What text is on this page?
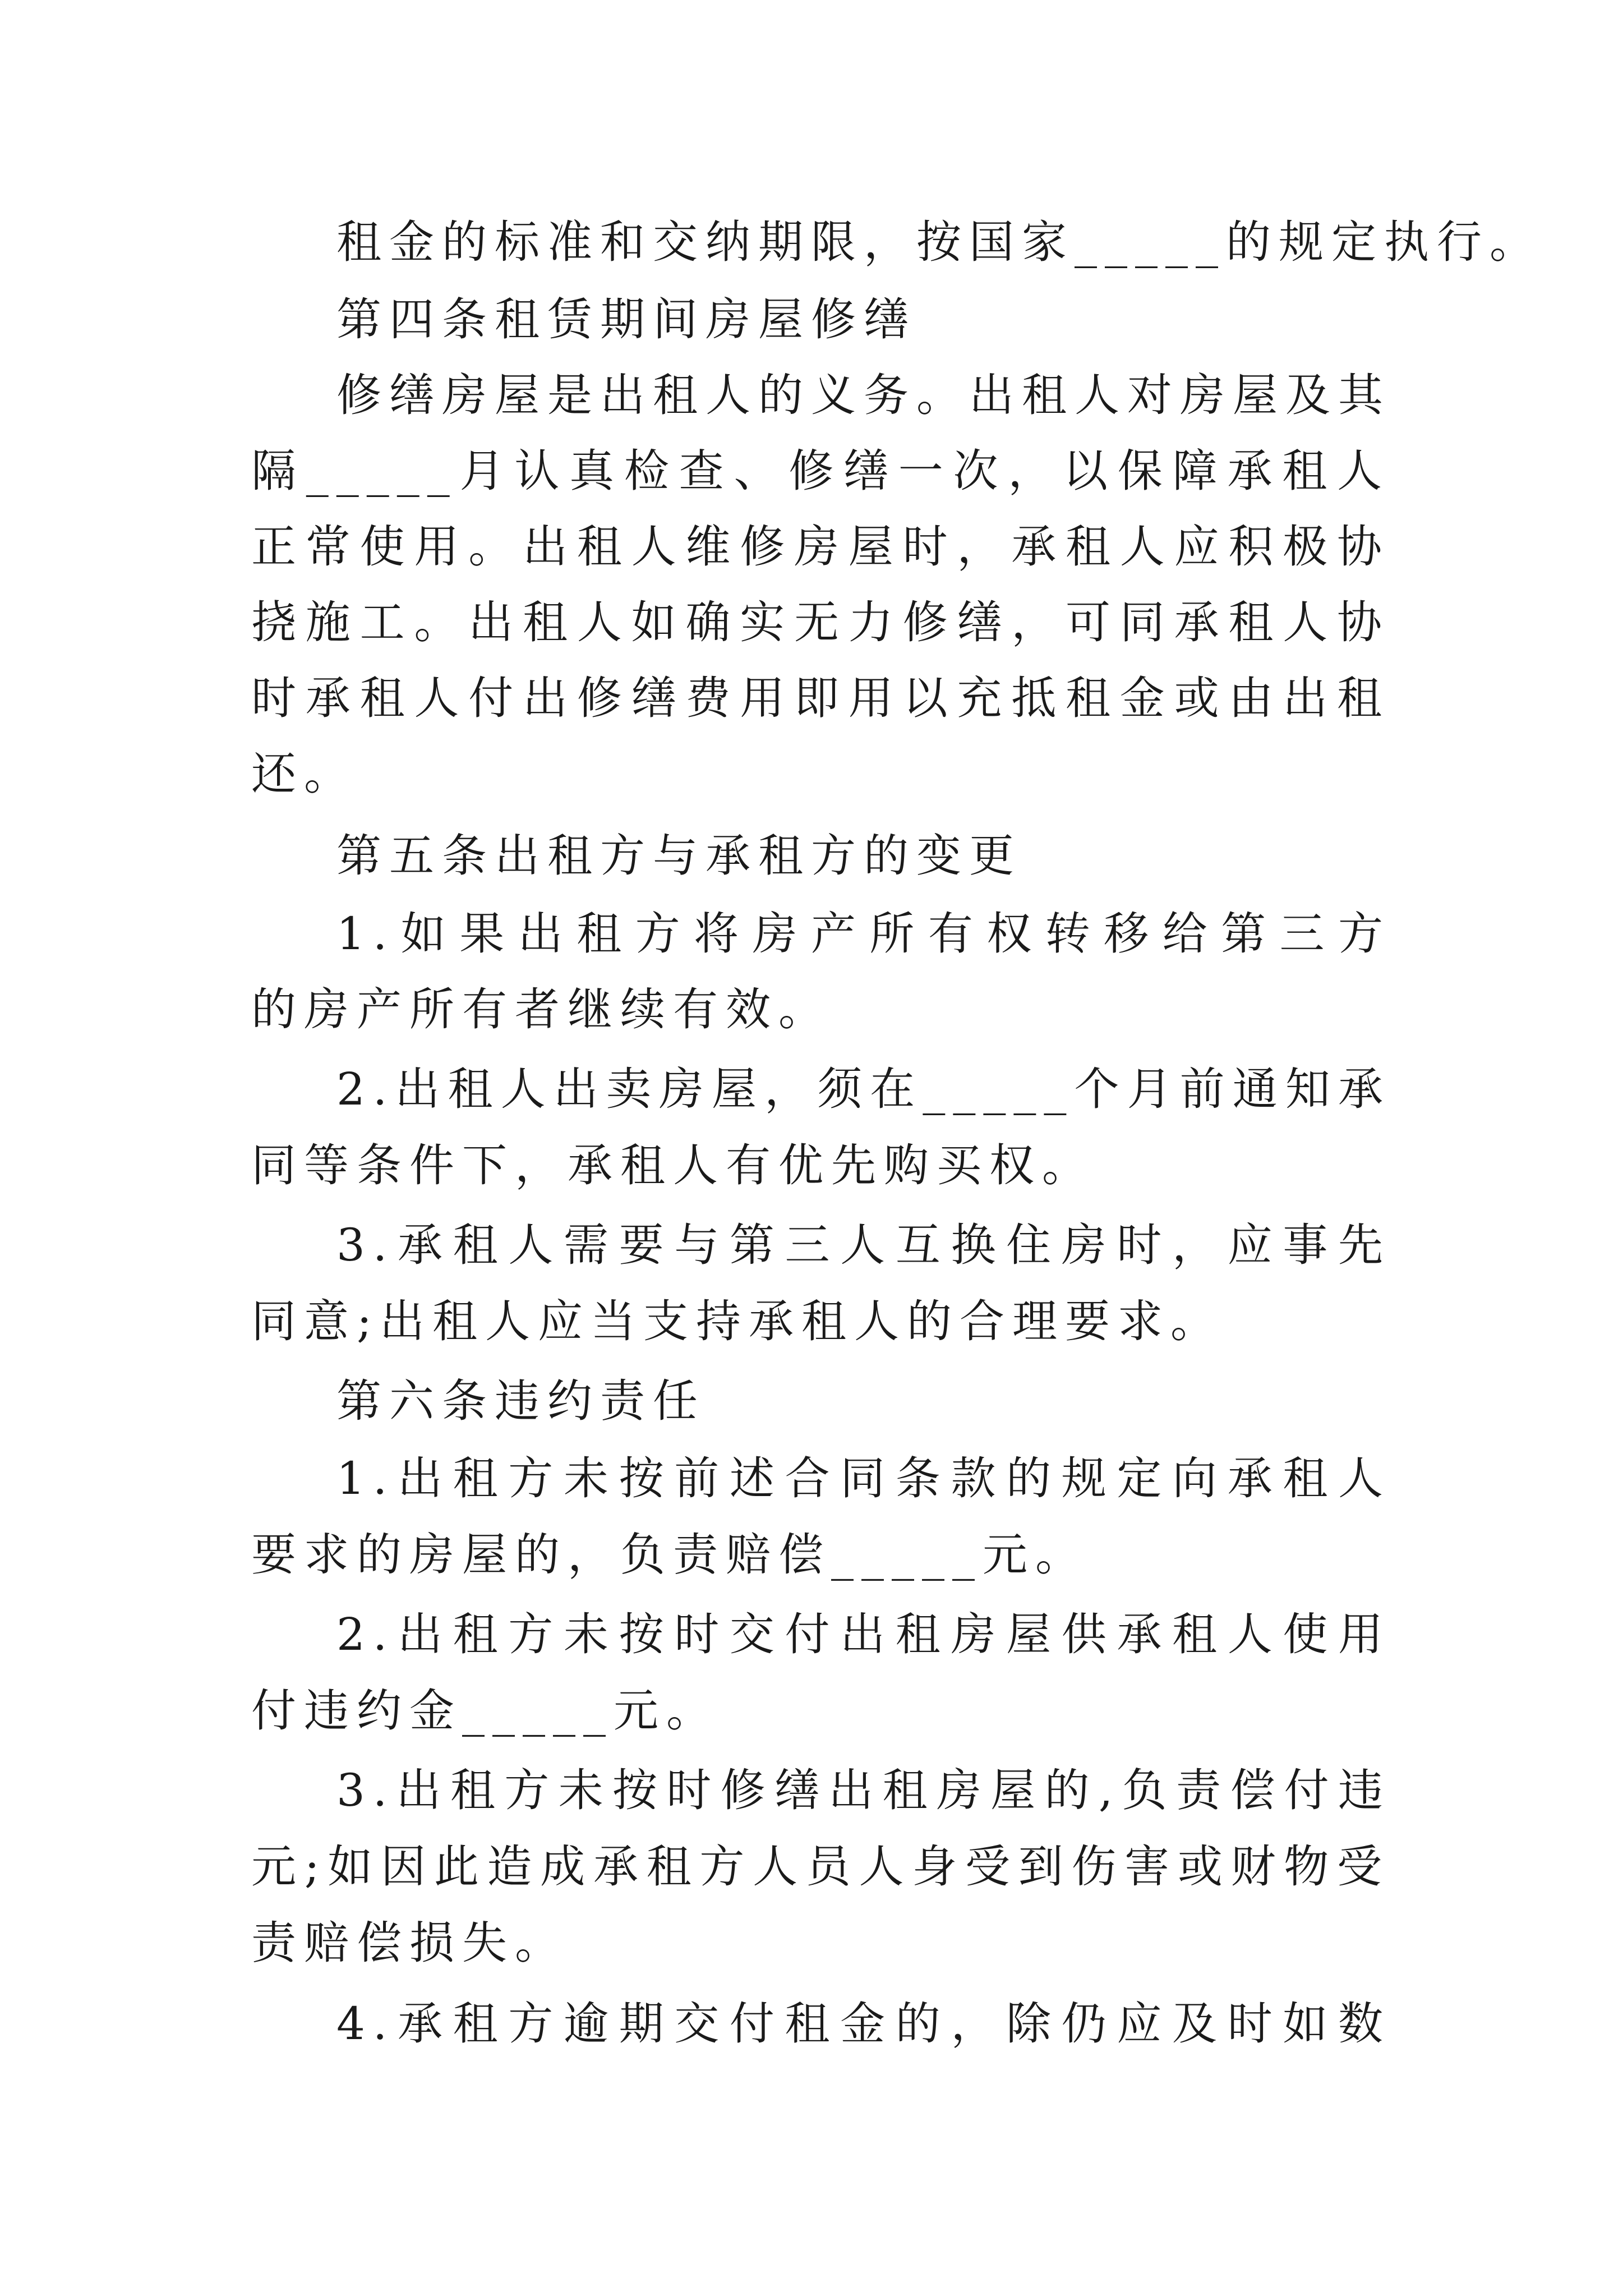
租金的标准和交纳期限，按国家_____的规定执行。
第四条租赁期间房屋修缮
修缮房屋是出租人的义务。出租人对房屋及其
隔_____月认真检查、修缮一次，以保障承租人
正常使用。出租人维修房屋时，承租人应积极协
挠施工。出租人如确实无力修缮，可同承租人协
时承租人付出修缮费用即用以充抵租金或由出租
还。
第五条出租方与承租方的变更
1.如果出租方将房产所有权转移给第三方
的房产所有者继续有效。
2.出租人出卖房屋，须在_____个月前通知承
同等条件下，承租人有优先购买权。
3.承租人需要与第三人互换住房时，应事先
同意;出租人应当支持承租人的合理要求。
第六条违约责任
1.出租方未按前述合同条款的规定向承租人
要求的房屋的，负责赔偿_____元。
2.出租方未按时交付出租房屋供承租人使用
付违约金_____元。
3.出租方未按时修缮出租房屋的,负责偿付违
元;如因此造成承租方人员人身受到伤害或财物受
责赔偿损失。
4.承租方逾期交付租金的，除仍应及时如数
